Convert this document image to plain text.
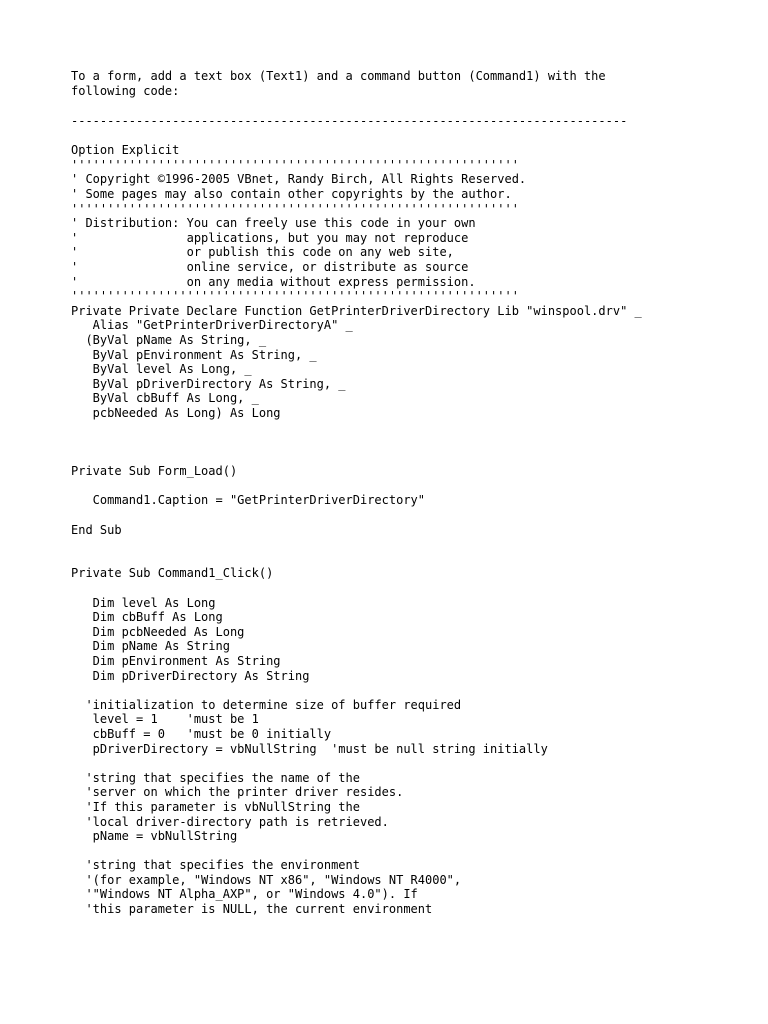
To a form, add a text box (Text1) and a command button (Command1) with the
following code:
-----------------------------------------------------------------------------

Option Explicit
''''''''''''''''''''''''''''''''''''''''''''''''''''''''''''''
' Copyright ©1996-2005 VBnet, Randy Birch, All Rights Reserved.
' Some pages may also contain other copyrights by the author.
''''''''''''''''''''''''''''''''''''''''''''''''''''''''''''''
' Distribution: You can freely use this code in your own
'               applications, but you may not reproduce
'               or publish this code on any web site,
'               online service, or distribute as source
'               on any media without express permission.
''''''''''''''''''''''''''''''''''''''''''''''''''''''''''''''
Private Private Declare Function GetPrinterDriverDirectory Lib "winspool.drv" _
Alias "GetPrinterDriverDirectoryA" _
(ByVal pName As String, _
ByVal pEnvironment As String, _
ByVal level As Long, _
ByVal pDriverDirectory As String, _
ByVal cbBuff As Long, _
pcbNeeded As Long) As Long

Private Sub Form_Load()

Command1.Caption = "GetPrinterDriverDirectory"

End Sub

Private Sub Command1_Click()

Dim level As Long
Dim cbBuff As Long
Dim pcbNeeded As Long
Dim pName As String
Dim pEnvironment As String
Dim pDriverDirectory As String

'initialization to determine size of buffer required
level = 1    'must be 1
cbBuff = 0   'must be 0 initially
pDriverDirectory = vbNullString  'must be null string initially

'string that specifies the name of the
'server on which the printer driver resides.
'If this parameter is vbNullString the
'local driver-directory path is retrieved.
pName = vbNullString

'string that specifies the environment
'(for example, "Windows NT x86", "Windows NT R4000",
'"Windows NT Alpha_AXP", or "Windows 4.0"). If
'this parameter is NULL, the current environment
